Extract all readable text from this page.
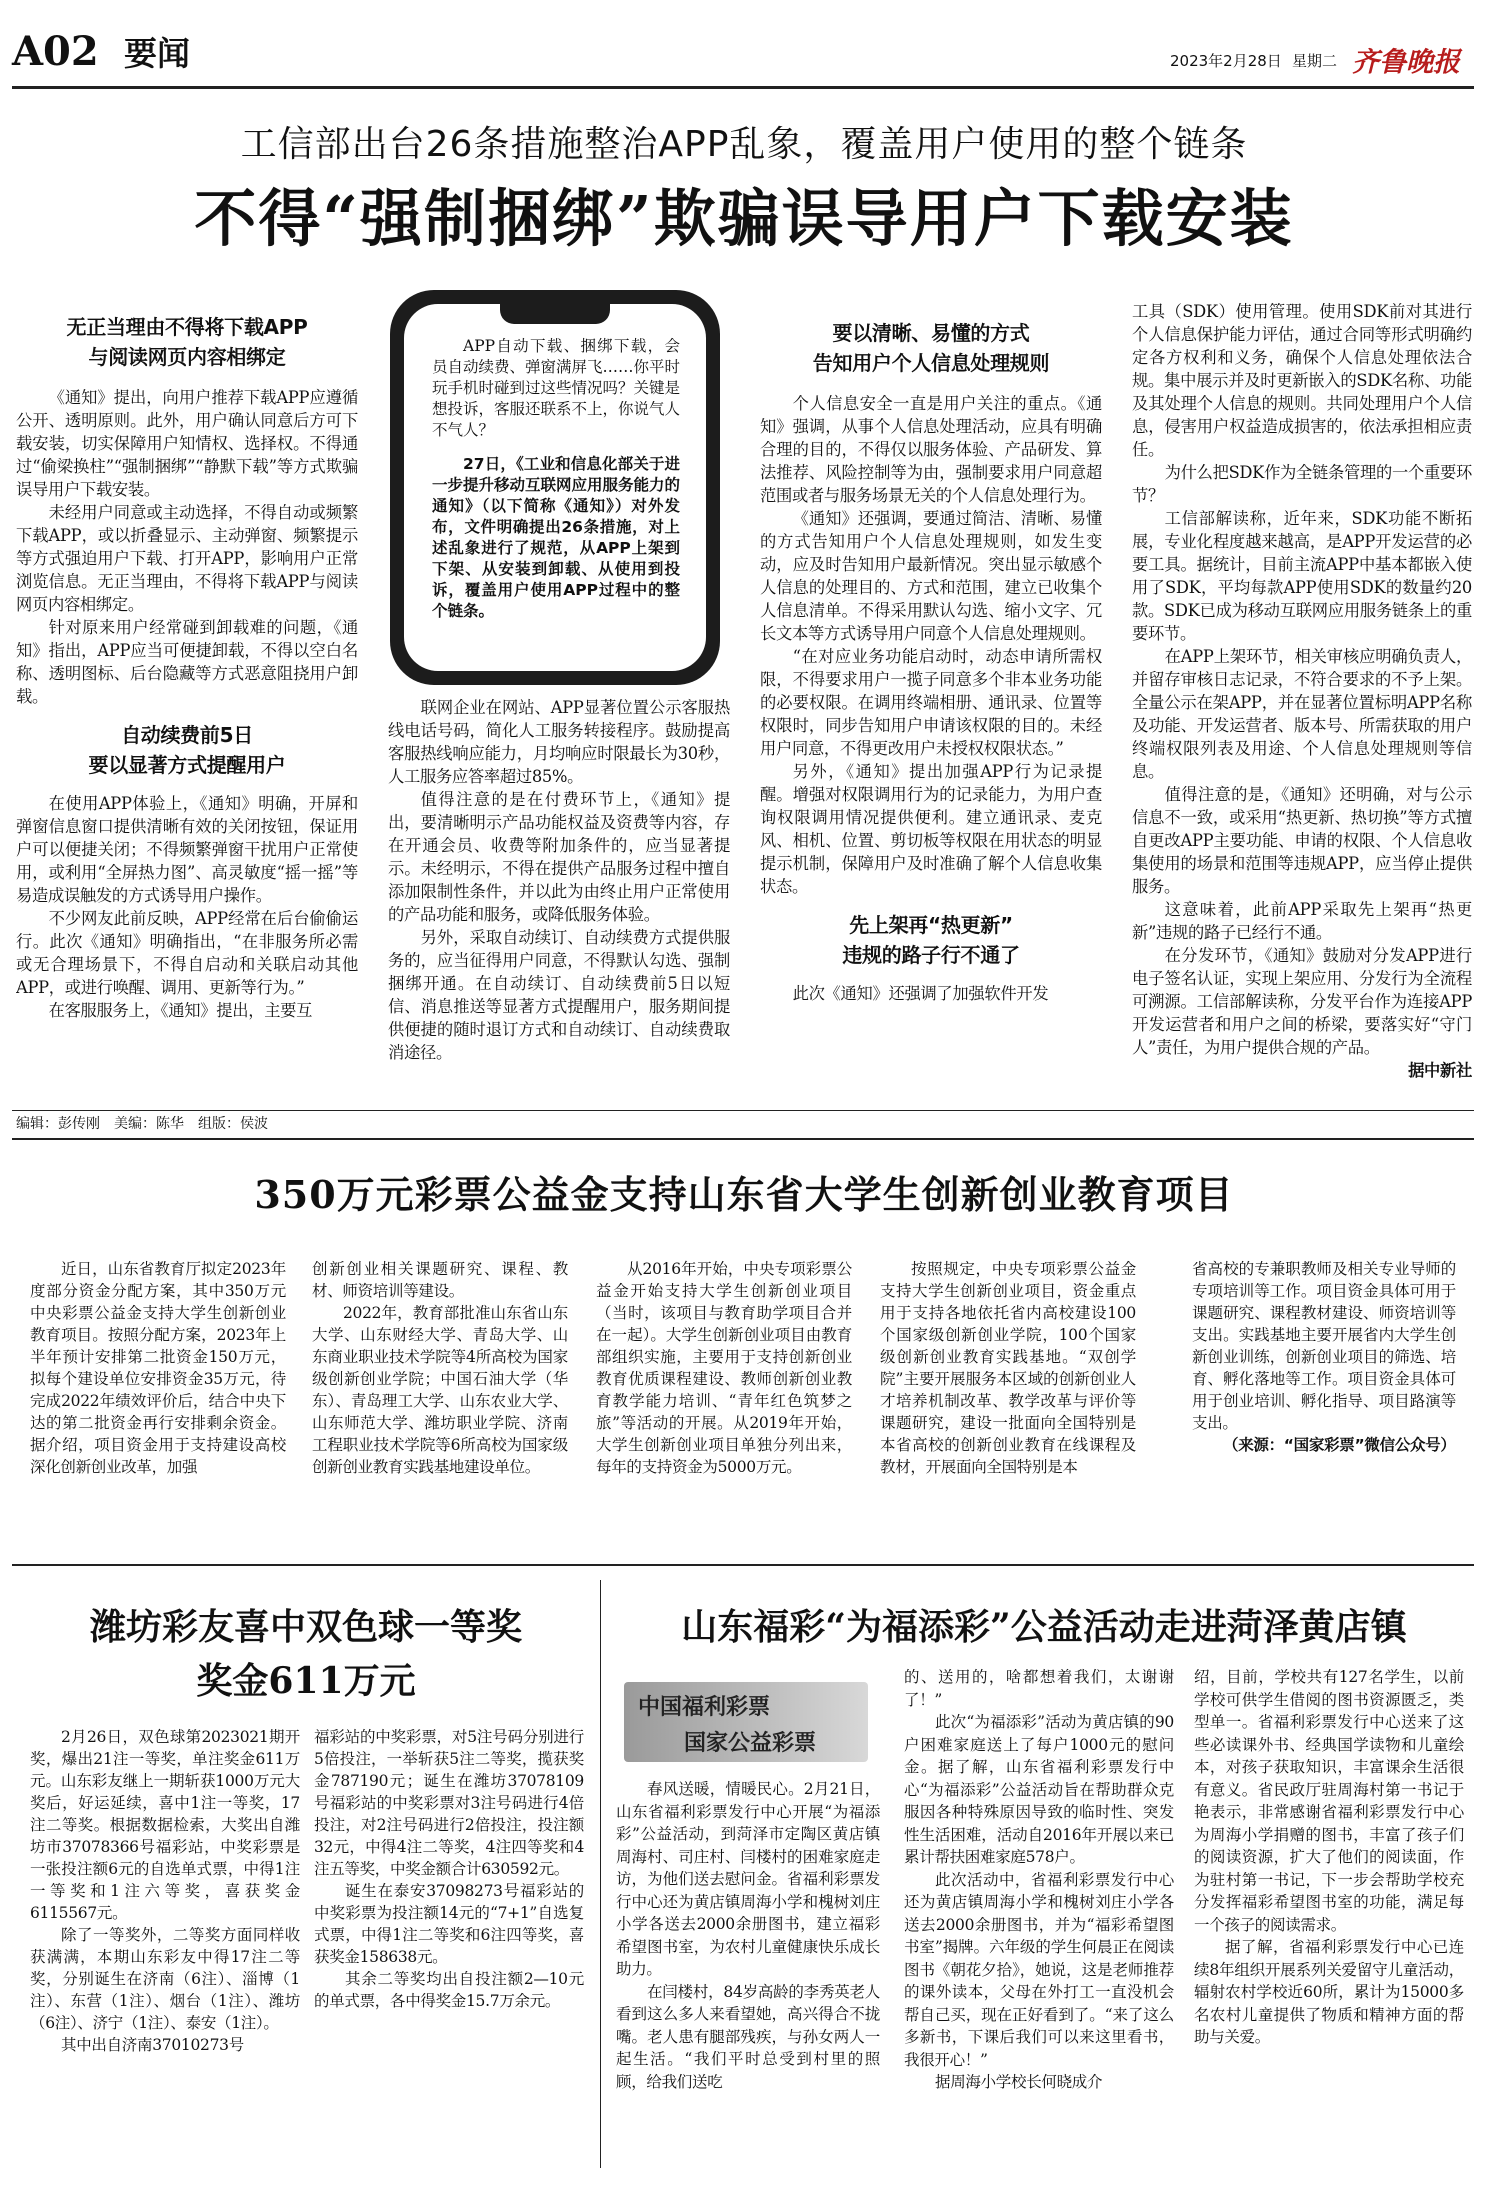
A02 要闻	2023年2月28日 星期二 齐鲁晚报
工信部出台26条措施整治APP乱象，覆盖用户使用的整个链条
不得“强制捆绑”欺骗误导用户下载安装

无正当理由不得将下载APP
与阅读网页内容相绑定

《通知》提出，向用户推荐下载APP应遵循公开、透明原则。此外，用户确认同意后方可下载安装，切实保障用户知情权、选择权。不得通过“偷梁换柱”“强制捆绑”“静默下载”等方式欺骗误导用户下载安装。

未经用户同意或主动选择，不得自动或频繁下载APP，或以折叠显示、主动弹窗、频繁提示等方式强迫用户下载、打开APP，影响用户正常浏览信息。无正当理由，不得将下载APP与阅读网页内容相绑定。

针对原来用户经常碰到卸载难的问题，《通知》指出，APP应当可便捷卸载，不得以空白名称、透明图标、后台隐藏等方式恶意阻挠用户卸载。

自动续费前5日
要以显著方式提醒用户

在使用APP体验上，《通知》明确，开屏和弹窗信息窗口提供清晰有效的关闭按钮，保证用户可以便捷关闭；不得频繁弹窗干扰用户正常使用，或利用“全屏热力图”、高灵敏度“摇一摇”等易造成误触发的方式诱导用户操作。

不少网友此前反映，APP经常在后台偷偷运行。此次《通知》明确指出，“在非服务所必需或无合理场景下，不得自启动和关联启动其他APP，或进行唤醒、调用、更新等行为。”

在客服服务上，《通知》提出，主要互

APP自动下载、捆绑下载，会员自动续费、弹窗满屏飞……你平时玩手机时碰到过这些情况吗？关键是想投诉，客服还联系不上，你说气人不气人？
27日，《工业和信息化部关于进一步提升移动互联网应用服务能力的通知》（以下简称《通知》）对外发布，文件明确提出26条措施，对上述乱象进行了规范，从APP上架到下架、从安装到卸载、从使用到投诉，覆盖用户使用APP过程中的整个链条。

联网企业在网站、APP显著位置公示客服热线电话号码，简化人工服务转接程序。鼓励提高客服热线响应能力，月均响应时限最长为30秒，人工服务应答率超过85%。

值得注意的是在付费环节上，《通知》提出，要清晰明示产品功能权益及资费等内容，存在开通会员、收费等附加条件的，应当显著提示。未经明示，不得在提供产品服务过程中擅自添加限制性条件，并以此为由终止用户正常使用的产品功能和服务，或降低服务体验。

另外，采取自动续订、自动续费方式提供服务的，应当征得用户同意，不得默认勾选、强制捆绑开通。在自动续订、自动续费前5日以短信、消息推送等显著方式提醒用户，服务期间提供便捷的随时退订方式和自动续订、自动续费取消途径。

要以清晰、易懂的方式
告知用户个人信息处理规则

个人信息安全一直是用户关注的重点。《通知》强调，从事个人信息处理活动，应具有明确合理的目的，不得仅以服务体验、产品研发、算法推荐、风险控制等为由，强制要求用户同意超范围或者与服务场景无关的个人信息处理行为。

《通知》还强调，要通过简洁、清晰、易懂的方式告知用户个人信息处理规则，如发生变动，应及时告知用户最新情况。突出显示敏感个人信息的处理目的、方式和范围，建立已收集个人信息清单。不得采用默认勾选、缩小文字、冗长文本等方式诱导用户同意个人信息处理规则。

“在对应业务功能启动时，动态申请所需权限，不得要求用户一揽子同意多个非本业务功能的必要权限。在调用终端相册、通讯录、位置等权限时，同步告知用户申请该权限的目的。未经用户同意，不得更改用户未授权权限状态。”

另外，《通知》提出加强APP行为记录提醒。增强对权限调用行为的记录能力，为用户查询权限调用情况提供便利。建立通讯录、麦克风、相机、位置、剪切板等权限在用状态的明显提示机制，保障用户及时准确了解个人信息收集状态。

先上架再“热更新”
违规的路子行不通了

此次《通知》还强调了加强软件开发

工具（SDK）使用管理。使用SDK前对其进行个人信息保护能力评估，通过合同等形式明确约定各方权利和义务，确保个人信息处理依法合规。集中展示并及时更新嵌入的SDK名称、功能及其处理个人信息的规则。共同处理用户个人信息，侵害用户权益造成损害的，依法承担相应责任。

为什么把SDK作为全链条管理的一个重要环节？

工信部解读称，近年来，SDK功能不断拓展，专业化程度越来越高，是APP开发运营的必要工具。据统计，目前主流APP中基本都嵌入使用了SDK，平均每款APP使用SDK的数量约20款。SDK已成为移动互联网应用服务链条上的重要环节。

在APP上架环节，相关审核应明确负责人，并留存审核日志记录，不符合要求的不予上架。全量公示在架APP，并在显著位置标明APP名称及功能、开发运营者、版本号、所需获取的用户终端权限列表及用途、个人信息处理规则等信息。

值得注意的是，《通知》还明确，对与公示信息不一致，或采用“热更新、热切换”等方式擅自更改APP主要功能、申请的权限、个人信息收集使用的场景和范围等违规APP，应当停止提供服务。

这意味着，此前APP采取先上架再“热更新”违规的路子已经行不通。

在分发环节，《通知》鼓励对分发APP进行电子签名认证，实现上架应用、分发行为全流程可溯源。工信部解读称，分发平台作为连接APP开发运营者和用户之间的桥梁，要落实好“守门人”责任，为用户提供合规的产品。

据中新社

编辑：彭传刚　美编：陈华　组版：侯波
350万元彩票公益金支持山东省大学生创新创业教育项目

近日，山东省教育厅拟定2023年度部分资金分配方案，其中350万元中央彩票公益金支持大学生创新创业教育项目。按照分配方案，2023年上半年预计安排第二批资金150万元，拟每个建设单位安排资金35万元，待完成2022年绩效评价后，结合中央下达的第二批资金再行安排剩余资金。据介绍，项目资金用于支持建设高校深化创新创业改革，加强

创新创业相关课题研究、课程、教材、师资培训等建设。

2022年，教育部批准山东省山东大学、山东财经大学、青岛大学、山东商业职业技术学院等4所高校为国家级创新创业学院；中国石油大学（华东）、青岛理工大学、山东农业大学、山东师范大学、潍坊职业学院、济南工程职业技术学院等6所高校为国家级创新创业教育实践基地建设单位。

从2016年开始，中央专项彩票公益金开始支持大学生创新创业项目（当时，该项目与教育助学项目合并在一起）。大学生创新创业项目由教育部组织实施，主要用于支持创新创业教育优质课程建设、教师创新创业教育教学能力培训、“青年红色筑梦之旅”等活动的开展。从2019年开始，大学生创新创业项目单独分列出来，每年的支持资金为5000万元。

按照规定，中央专项彩票公益金支持大学生创新创业项目，资金重点用于支持各地依托省内高校建设100个国家级创新创业学院，100个国家级创新创业教育实践基地。“双创学院”主要开展服务本区域的创新创业人才培养机制改革、教学改革与评价等课题研究，建设一批面向全国特别是本省高校的创新创业教育在线课程及教材，开展面向全国特别是本

省高校的专兼职教师及相关专业导师的专项培训等工作。项目资金具体可用于课题研究、课程教材建设、师资培训等支出。实践基地主要开展省内大学生创新创业训练，创新创业项目的筛选、培育、孵化落地等工作。项目资金具体可用于创业培训、孵化指导、项目路演等支出。

（来源：“国家彩票”微信公众号）

潍坊彩友喜中双色球一等奖
奖金611万元

2月26日，双色球第2023021期开奖，爆出21注一等奖，单注奖金611万元。山东彩友继上一期斩获1000万元大奖后，好运延续，喜中1注一等奖，17注二等奖。根据数据检索，大奖出自潍坊市37078366号福彩站，中奖彩票是一张投注额6元的自选单式票，中得1注一等奖和1注六等奖，喜获奖金6115567元。

除了一等奖外，二等奖方面同样收获满满，本期山东彩友中得17注二等奖，分别诞生在济南（6注）、淄博（1注）、东营（1注）、烟台（1注）、潍坊（6注）、济宁（1注）、泰安（1注）。

其中出自济南37010273号

福彩站的中奖彩票，对5注号码分别进行5倍投注，一举斩获5注二等奖，揽获奖金787190元；诞生在潍坊37078109号福彩站的中奖彩票对3注号码进行4倍投注，对2注号码进行2倍投注，投注额32元，中得4注二等奖，4注四等奖和4注五等奖，中奖金额合计630592元。

诞生在泰安37098273号福彩站的中奖彩票为投注额14元的“7+1”自选复式票，中得1注二等奖和6注四等奖，喜获奖金158638元。

其余二等奖均出自投注额2—10元的单式票，各中得奖金15.7万余元。

山东福彩“为福添彩”公益活动走进菏泽黄店镇
中国福利彩票
国家公益彩票

春风送暖，情暖民心。2月21日，山东省福利彩票发行中心开展“为福添彩”公益活动，到菏泽市定陶区黄店镇周海村、司庄村、闫楼村的困难家庭走访，为他们送去慰问金。省福利彩票发行中心还为黄店镇周海小学和槐树刘庄小学各送去2000余册图书，建立福彩希望图书室，为农村儿童健康快乐成长助力。

在闫楼村，84岁高龄的李秀英老人看到这么多人来看望她，高兴得合不拢嘴。老人患有腿部残疾，与孙女两人一起生活。“我们平时总受到村里的照顾，给我们送吃

的、送用的，啥都想着我们，太谢谢了！”

此次“为福添彩”活动为黄店镇的90户困难家庭送上了每户1000元的慰问金。据了解，山东省福利彩票发行中心“为福添彩”公益活动旨在帮助群众克服因各种特殊原因导致的临时性、突发性生活困难，活动自2016年开展以来已累计帮扶困难家庭578户。

此次活动中，省福利彩票发行中心还为黄店镇周海小学和槐树刘庄小学各送去2000余册图书，并为“福彩希望图书室”揭牌。六年级的学生何晨正在阅读图书《朝花夕拾》，她说，这是老师推荐的课外读本，父母在外打工一直没机会帮自己买，现在正好看到了。“来了这么多新书，下课后我们可以来这里看书，我很开心！”

据周海小学校长何晓成介

绍，目前，学校共有127名学生，以前学校可供学生借阅的图书资源匮乏，类型单一。省福利彩票发行中心送来了这些必读课外书、经典国学读物和儿童绘本，对孩子获取知识，丰富课余生活很有意义。省民政厅驻周海村第一书记于艳表示，非常感谢省福利彩票发行中心为周海小学捐赠的图书，丰富了孩子们的阅读资源，扩大了他们的阅读面，作为驻村第一书记，下一步会帮助学校充分发挥福彩希望图书室的功能，满足每一个孩子的阅读需求。

据了解，省福利彩票发行中心已连续8年组织开展系列关爱留守儿童活动，辐射农村学校近60所，累计为15000多名农村儿童提供了物质和精神方面的帮助与关爱。
